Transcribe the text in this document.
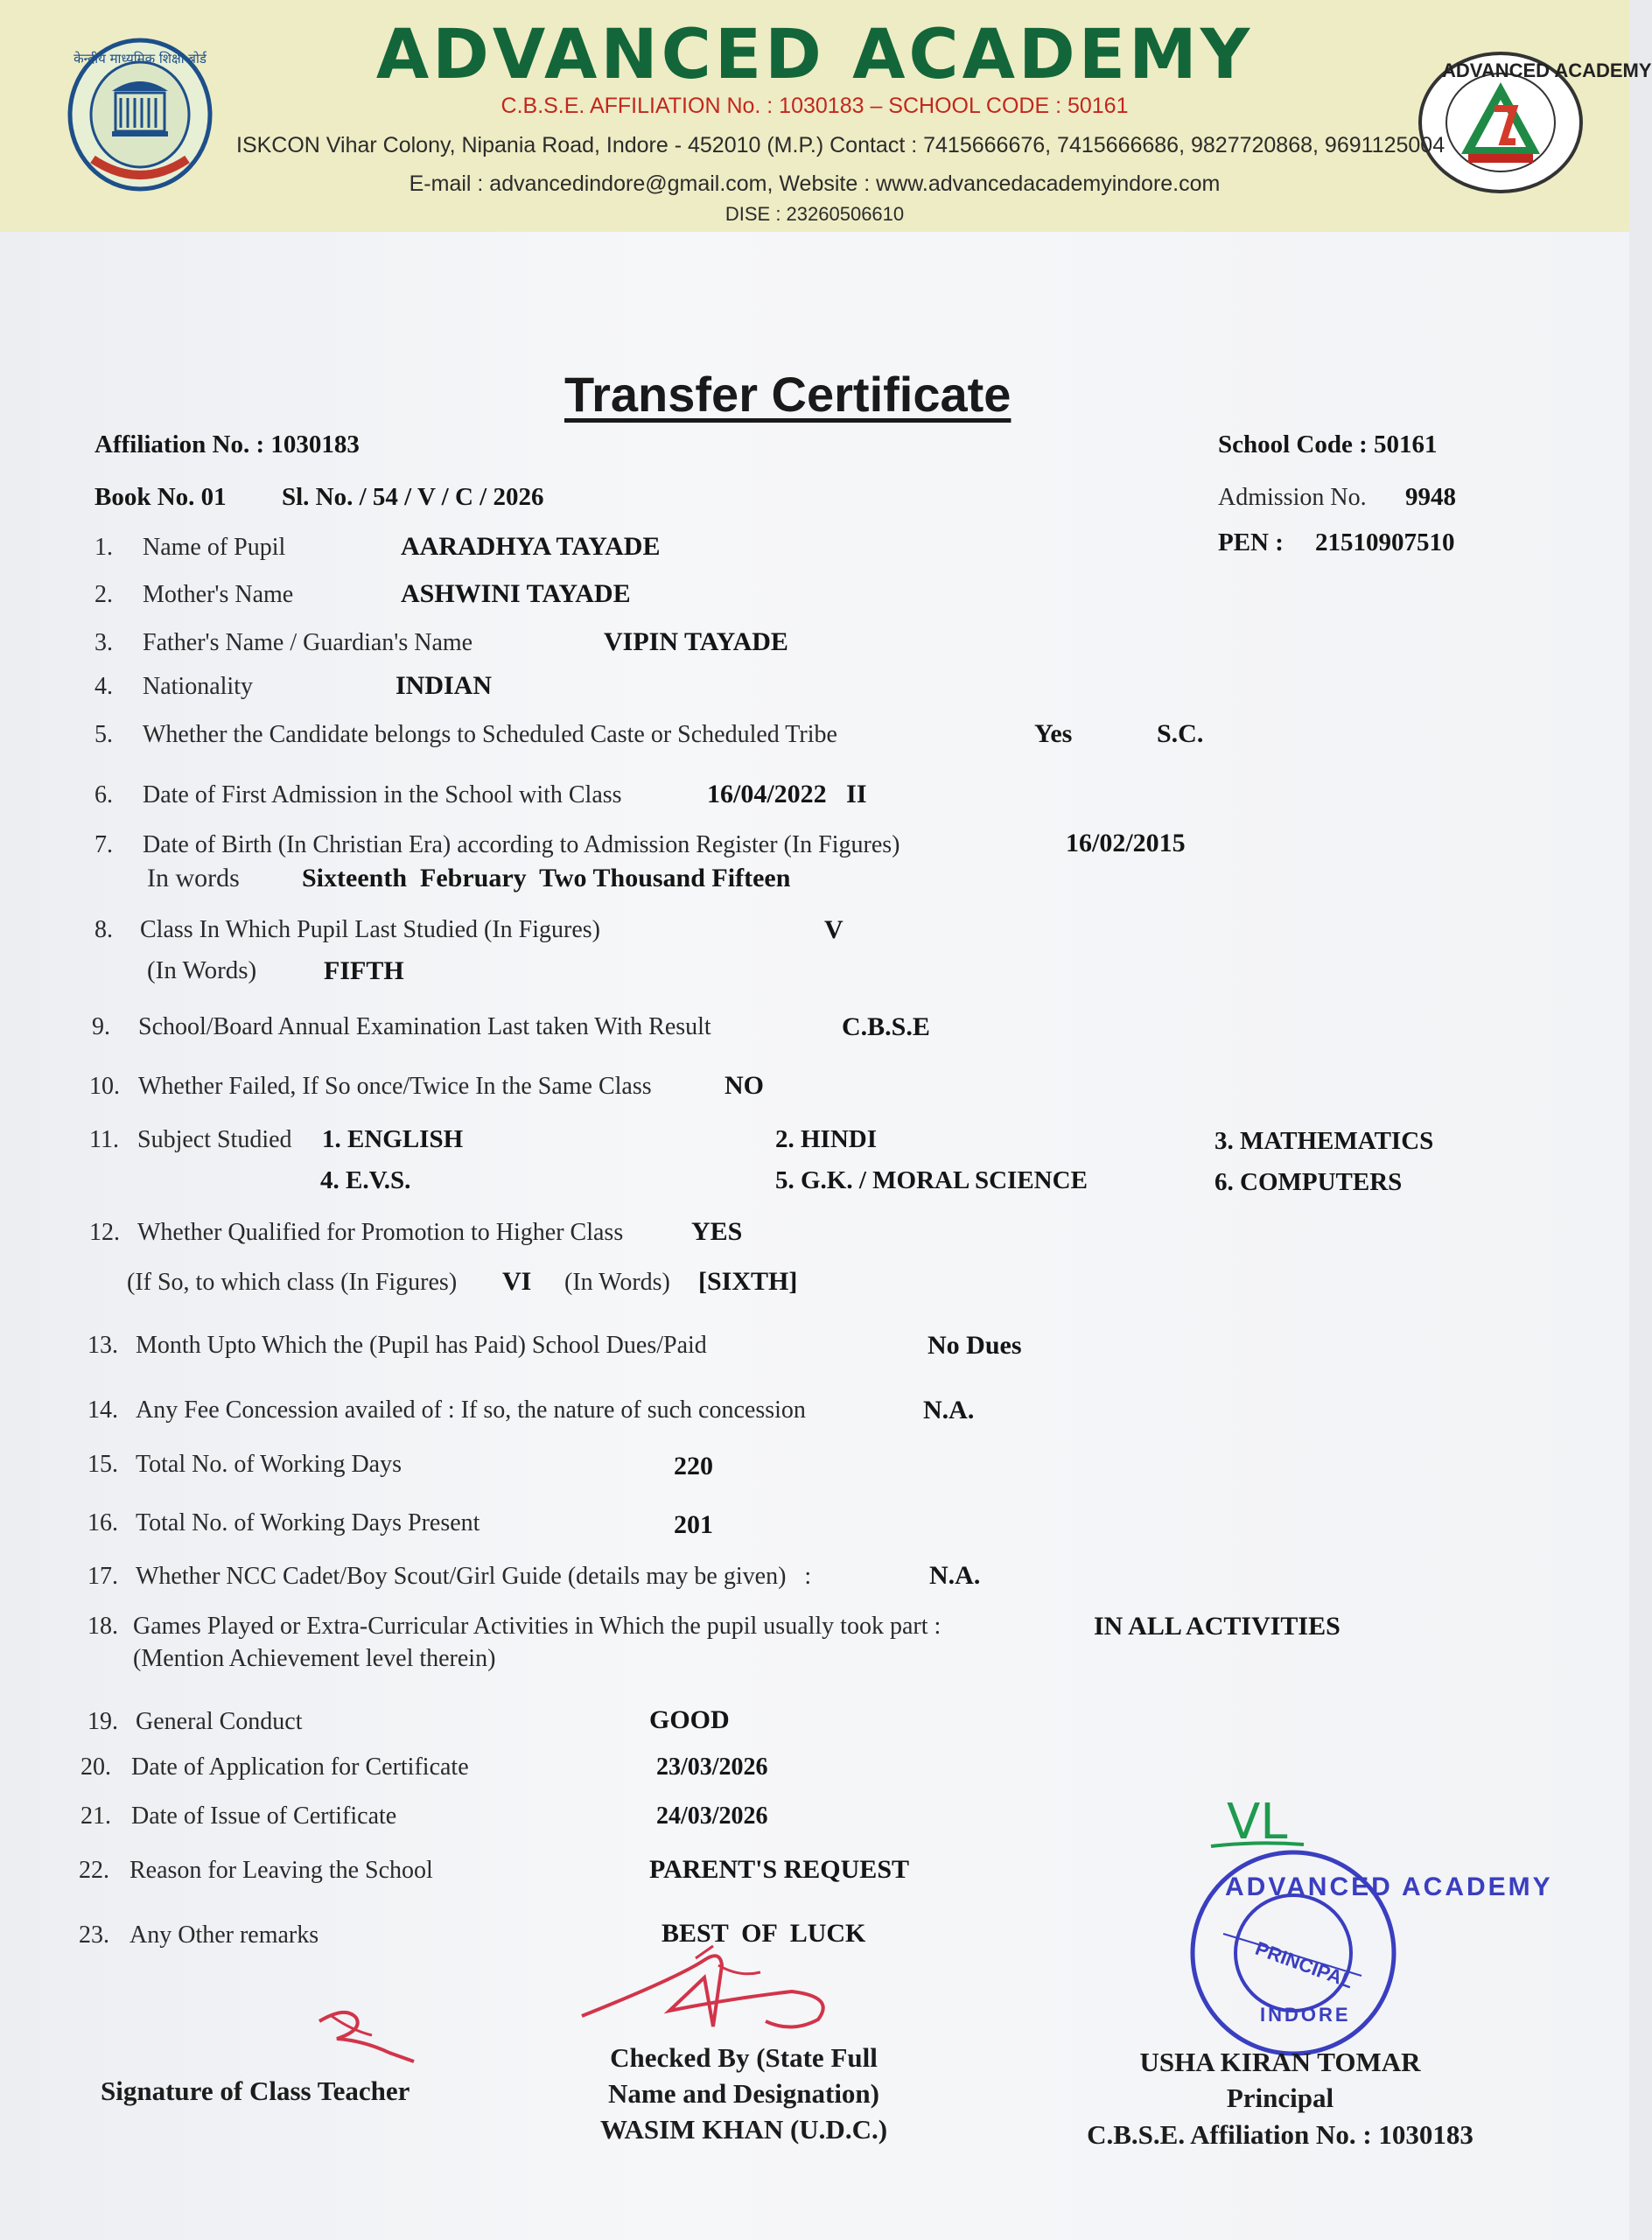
केन्द्रीय माध्यमिक शिक्षा बोर्ड
ADVANCED ACADEMY
ADVANCED ACADEMY
C.B.S.E. AFFILIATION No. : 1030183 – SCHOOL CODE : 50161
ISKCON Vihar Colony, Nipania Road, Indore - 452010 (M.P.) Contact : 7415666676, 7415666686, 9827720868, 9691125004
E-mail : advancedindore@gmail.com, Website : www.advancedacademyindore.com
DISE : 23260506610
Transfer Certificate
Affiliation No. : 1030183	School Code : 50161
Book No. 01 Sl. No. / 54 / V / C / 2026	Admission No. 9948
PEN : 21510907510
1. Name of Pupil	AARADHYA TAYADE
2. Mother's Name	ASHWINI TAYADE
3. Father's Name / Guardian's Name	VIPIN TAYADE
4. Nationality	INDIAN
5. Whether the Candidate belongs to Scheduled Caste or Scheduled Tribe	Yes	S.C.
6. Date of First Admission in the School with Class	16/04/2022   II
7. Date of Birth (In Christian Era) according to Admission Register (In Figures)	16/02/2015
In words Sixteenth  February  Two Thousand Fifteen
8. Class In Which Pupil Last Studied (In Figures)	V
(In Words)	FIFTH
9. School/Board Annual Examination Last taken With Result	C.B.S.E
10. Whether Failed, If So once/Twice In the Same Class	NO
11. Subject Studied 1. ENGLISH	2. HINDI	3. MATHEMATICS
4. E.V.S.	5. G.K. / MORAL SCIENCE	6. COMPUTERS
12. Whether Qualified for Promotion to Higher Class	YES
(If So, to which class (In Figures) VI (In Words) [SIXTH]
13. Month Upto Which the (Pupil has Paid) School Dues/Paid	No Dues
14. Any Fee Concession availed of : If so, the nature of such concession	N.A.
15. Total No. of Working Days	220
16. Total No. of Working Days Present	201
17. Whether NCC Cadet/Boy Scout/Girl Guide (details may be given)   :	N.A.
18. Games Played or Extra-Curricular Activities in Which the pupil usually took part :
(Mention Achievement level therein)
IN ALL ACTIVITIES
19. General Conduct	GOOD
20. Date of Application for Certificate	23/03/2026
21. Date of Issue of Certificate	24/03/2026
22. Reason for Leaving the School	PARENT'S REQUEST
23. Any Other remarks	BEST  OF  LUCK
VL
ADVANCED ACADEMY
PRINCIPAL
INDORE
Signature of Class Teacher
Checked By (State Full
Name and Designation)
WASIM KHAN (U.D.C.)
USHA KIRAN TOMAR
Principal
C.B.S.E. Affiliation No. : 1030183
